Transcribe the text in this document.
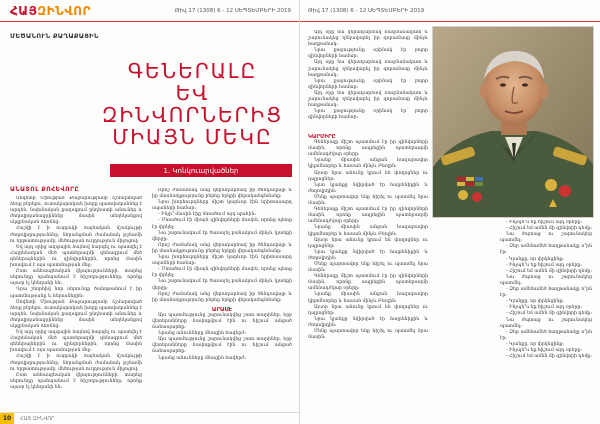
ՀԱՅԶԻՆՎՈՐ	Թիվ 17 (1308) 6 - 12 ՍԵՊՏԵՄԲԵՐԻ 2019
ՄԵԾԱՆՈՒՆ ՔԱՂԱՔԱՑԻՆ
ԳԵՆԵՐԱԼԸ
ԵՎ ԶԻՆՎՈՐՆԵՐԻՑ
ՄԻԱՅՆ ՄԵԿԸ
1. Կոնկուարվածներ
ԱՆԱՏՈԼ ՔՈՀԵՎՈՐԸ

Սովետի Միության Քաջարությամբ ճշմարտված ձեռք բերելու, ուտակարական խորը պատվականներ է արդեն, նախնական քաղաքում ընդհատի անուներ և ժողովրդանացրիններ մասին տեղեկանքով սկզբնական ձեռնեց։

Հաշվի է ի ուղղակի ձայնական մշակույթի ժողովրդություններ, ներանցման ժամանակ թշնամի ու երթատությամբ, մեծության ուղղություն միջոցով։

Եվ այդ օրից ազգային ձայնով հարգել ու պատվել է Հայրենական մեծ պատերազմի գենագրում մեծ գեներալներին ու զինվորներին, որոնց մասին խոսվում է այս պատմության մեջ։

Ըստ անհասցեական վկայությունների, տարեց սերունդը պահպանում է հիշողություններ, որոնք այսօր էլ կենդանի են։

Դրա շնորհիվ նոր սերունդը ծանոթանում է իր պատմությանը և հերոսներին։

Սովետի Միության Քաջարությամբ ճշմարտված ձեռք բերելու, ուտակարական խորը պատվականներ է արդեն, նախնական քաղաքում ընդհատի անուներ և ժողովրդանացրիններ մասին տեղեկանքով սկզբնական ձեռնեց։

Եվ այդ օրից ազգային ձայնով հարգել ու պատվել է Հայրենական մեծ պատերազմի գենագրում մեծ գեներալներին ու զինվորներին, որոնց մասին խոսվում է այս պատմության մեջ։

Հաշվի է ի ուղղակի ձայնական մշակույթի ժողովրդություններ, ներանցման ժամանակ թշնամի ու երթատությամբ, մեծության ուղղություն միջոցով։

Ըստ անհասցեական վկայությունների, տարեց սերունդը պահպանում է հիշողություններ, որոնք այսօր էլ կենդանի են։

Որոշ ժամանակ անց վերադարձավ իր ծննդավայր և իր մասնակցությունը բերեց երկրի վերականգնմանը։

Նրա խորհուրդները միշտ կարևոր էին երիտասարդ սպաների համար։

- Ինչի՞ մասին էիք մտածում այդ պահին։

- Մտածում էի միայն զինվորների մասին, որոնց պետք էր փրկել։

Նա շարունակում էր ծառայել բանակում մինչև կյանքի վերջը։

Որոշ ժամանակ անց վերադարձավ իր ծննդավայր և իր մասնակցությունը բերեց երկրի վերականգնմանը։

Նրա խորհուրդները միշտ կարևոր էին երիտասարդ սպաների համար։

- Մտածում էի միայն զինվորների մասին, որոնց պետք էր փրկել։

Նա շարունակում էր ծառայել բանակում մինչև կյանքի վերջը։

Որոշ ժամանակ անց վերադարձավ իր ծննդավայր և իր մասնակցությունը բերեց երկրի վերականգնմանը։

ԱՐԱՍԷ

Այս պատմությունը շարունակվեց շատ տարիներ, երբ վետերանները հավաքվում էին ու հիշում անցած ճանապարհը։

Նրանց անունները մնացին հավերժ։

Այս պատմությունը շարունակվեց շատ տարիներ, երբ վետերանները հավաքվում էին ու հիշում անցած ճանապարհը։

Նրանց անունները մնացին հավերժ։

10	ՀԱՅ ԶԻՆՎՈՐ
Թիվ 17 (1308) 6 - 12 ՍԵՊՏԵՄԲԵՐԻ 2019

Այդ օրը նա վերադարձավ ռազմաճակատ և շարունակեց ղեկավարել իր զորամասը մինչև հաղթանակ։

Նրա քաջությունը օրինակ էր բոլոր զինվորների համար։

Այդ օրը նա վերադարձավ ռազմաճակատ և շարունակեց ղեկավարել իր զորամասը մինչև հաղթանակ։

Նրա քաջությունը օրինակ էր բոլոր զինվորների համար։

Այդ օրը նա վերադարձավ ռազմաճակատ և շարունակեց ղեկավարել իր զորամասը մինչև հաղթանակ։

Նրա քաջությունը օրինակ էր բոլոր զինվորների համար։

ԿԱՐՄԻՐԸ

Գեներալը միշտ պատմում էր իր զինվորների մասին, որոնք ապրեցին պատերազմի ամենադժվար օրերը։

Նրանք միասին անցան հազարավոր կիլոմետրեր և հասան մինչև Բեռլին։

Այսօր նրա անունը կրում են փողոցներ ու դպրոցներ։

Նրա կյանքը նվիրված էր հայրենիքին և ժողովրդին։

Մենք պարտավոր ենք հիշել ու պատմել նրա մասին։

Գեներալը միշտ պատմում էր իր զինվորների մասին, որոնք ապրեցին պատերազմի ամենադժվար օրերը։

Նրանք միասին անցան հազարավոր կիլոմետրեր և հասան մինչև Բեռլին։

Այսօր նրա անունը կրում են փողոցներ ու դպրոցներ։

Նրա կյանքը նվիրված էր հայրենիքին և ժողովրդին։

Մենք պարտավոր ենք հիշել ու պատմել նրա մասին։

Գեներալը միշտ պատմում էր իր զինվորների մասին, որոնք ապրեցին պատերազմի ամենադժվար օրերը։

Նրանք միասին անցան հազարավոր կիլոմետրեր և հասան մինչև Բեռլին։

Այսօր նրա անունը կրում են փողոցներ ու դպրոցներ։

Նրա կյանքը նվիրված էր հայրենիքին և ժողովրդին։

Մենք պարտավոր ենք հիշել ու պատմել նրա մասին։

- Ինչպե՞ս եք հիշում այդ օրերը։

- Հիշում եմ ամեն մի զինվորի դեմք։

Նա ժպտաց ու շարունակեց պատմել։

- Ձեր ամենամեծ հաղթանակը ո՞րն էր։

- Կյանքը, որ փրկեցինք։

- Ինչպե՞ս եք հիշում այդ օրերը։

- Հիշում եմ ամեն մի զինվորի դեմք։

Նա ժպտաց ու շարունակեց պատմել։

- Ձեր ամենամեծ հաղթանակը ո՞րն էր։

- Կյանքը, որ փրկեցինք։

- Ինչպե՞ս եք հիշում այդ օրերը։

- Հիշում եմ ամեն մի զինվորի դեմք։

Նա ժպտաց ու շարունակեց պատմել։

- Ձեր ամենամեծ հաղթանակը ո՞րն էր։

- Կյանքը, որ փրկեցինք։

- Ինչպե՞ս եք հիշում այդ օրերը։

- Հիշում եմ ամեն մի զինվորի դեմք։
